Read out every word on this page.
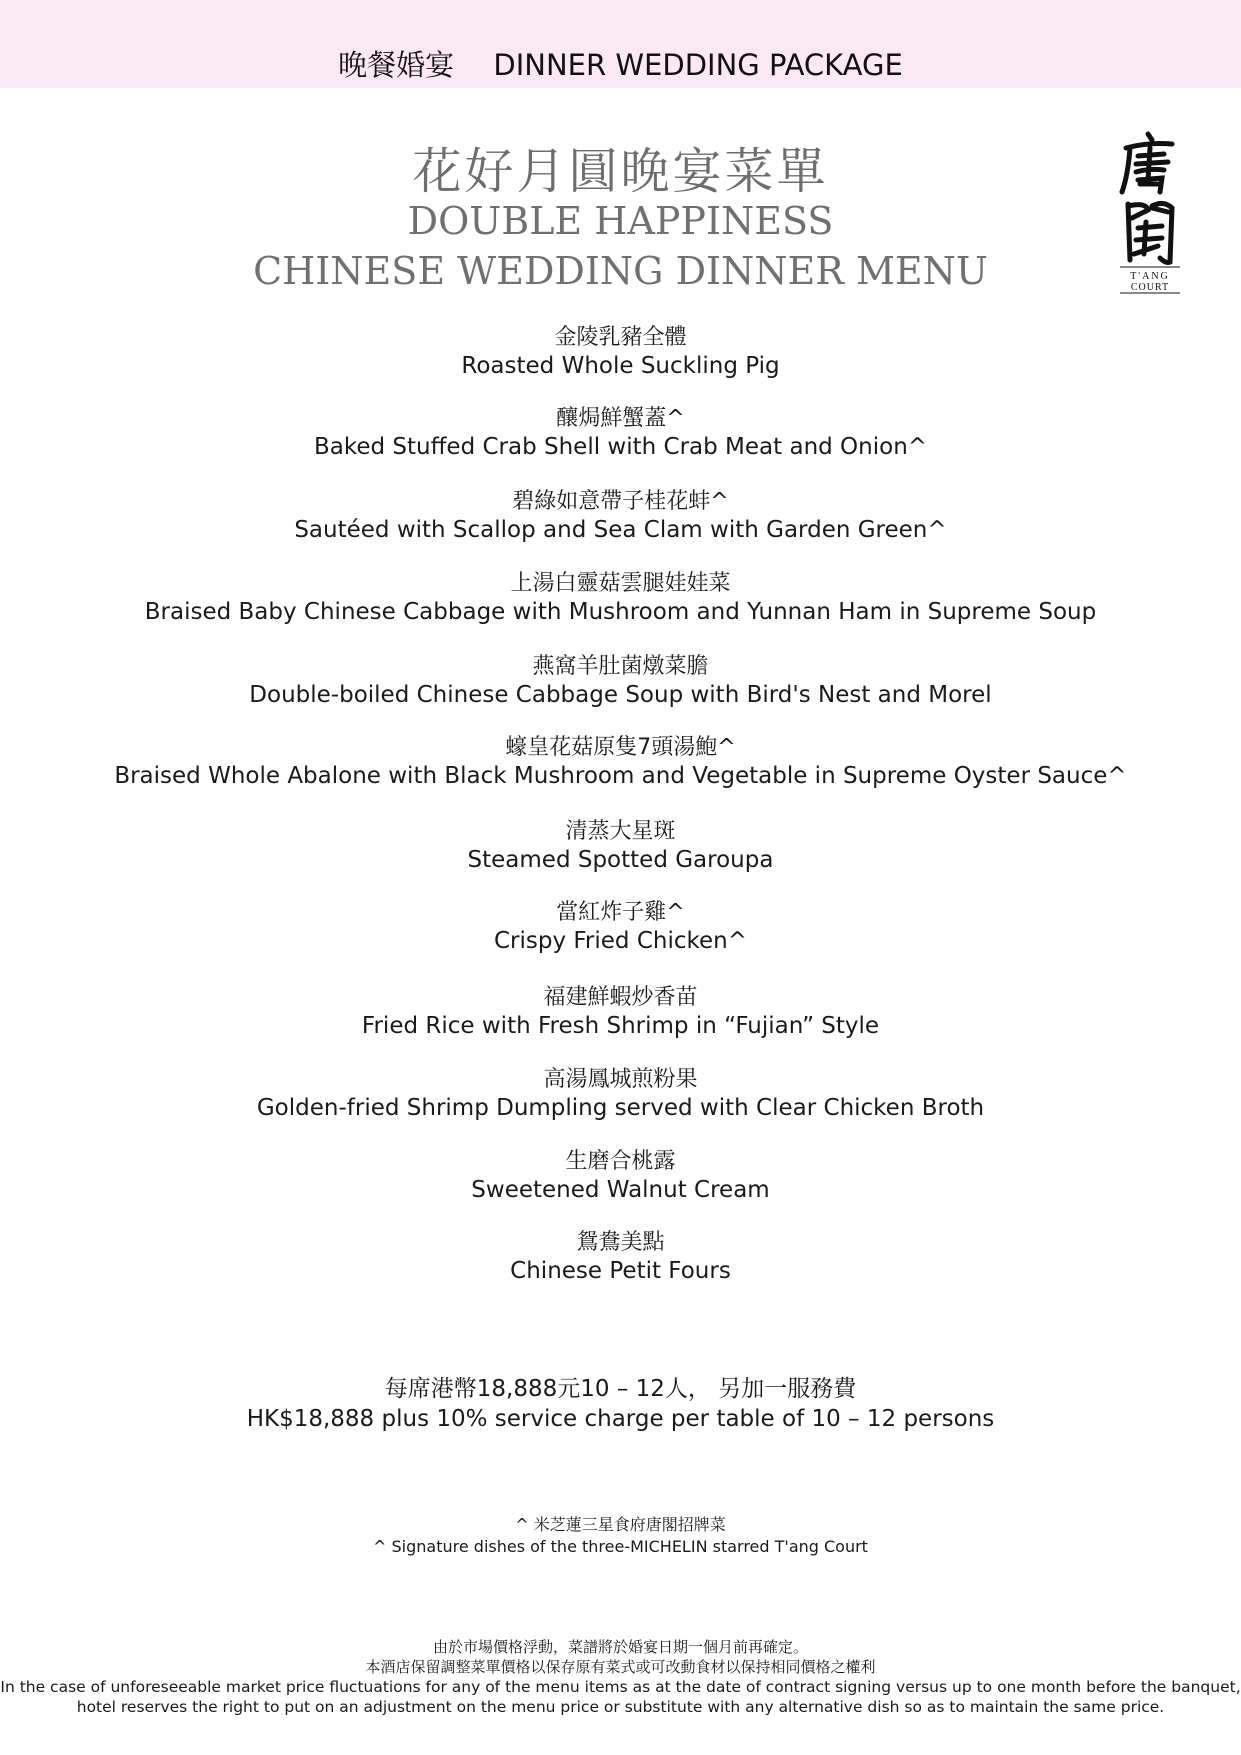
晚餐婚宴 DINNER WEDDING PACKAGE
花好月圓晚宴菜單
DOUBLE HAPPINESS
CHINESE WEDDING DINNER MENU	T'ANG
COURT
金陵乳豬全體
Roasted Whole Suckling Pig
釀焗鮮蟹蓋^
Baked Stuffed Crab Shell with Crab Meat and Onion^
碧綠如意帶子桂花蚌^
Sautéed with Scallop and Sea Clam with Garden Green^
上湯白靈菇雲腿娃娃菜
Braised Baby Chinese Cabbage with Mushroom and Yunnan Ham in Supreme Soup
燕窩羊肚菌燉菜膽
Double-boiled Chinese Cabbage Soup with Bird's Nest and Morel
蠔皇花菇原隻7頭湯鮑^
Braised Whole Abalone with Black Mushroom and Vegetable in Supreme Oyster Sauce^
清蒸大星斑
Steamed Spotted Garoupa
當紅炸子雞^
Crispy Fried Chicken^
福建鮮蝦炒香苗
Fried Rice with Fresh Shrimp in “Fujian” Style
高湯鳳城煎粉果
Golden-fried Shrimp Dumpling served with Clear Chicken Broth
生磨合桃露
Sweetened Walnut Cream
鴛鴦美點
Chinese Petit Fours
每席港幣18,888元10 – 12人， 另加一服務費
HK$18,888 plus 10% service charge per table of 10 – 12 persons
^ 米芝蓮三星食府唐閣招牌菜
^ Signature dishes of the three-MICHELIN starred T'ang Court
由於市場價格浮動，菜譜將於婚宴日期一個月前再確定。
本酒店保留調整菜單價格以保存原有菜式或可改動食材以保持相同價格之權利
In the case of unforeseeable market price fluctuations for any of the menu items as at the date of contract signing versus up to one month before the banquet,
hotel reserves the right to put on an adjustment on the menu price or substitute with any alternative dish so as to maintain the same price.
